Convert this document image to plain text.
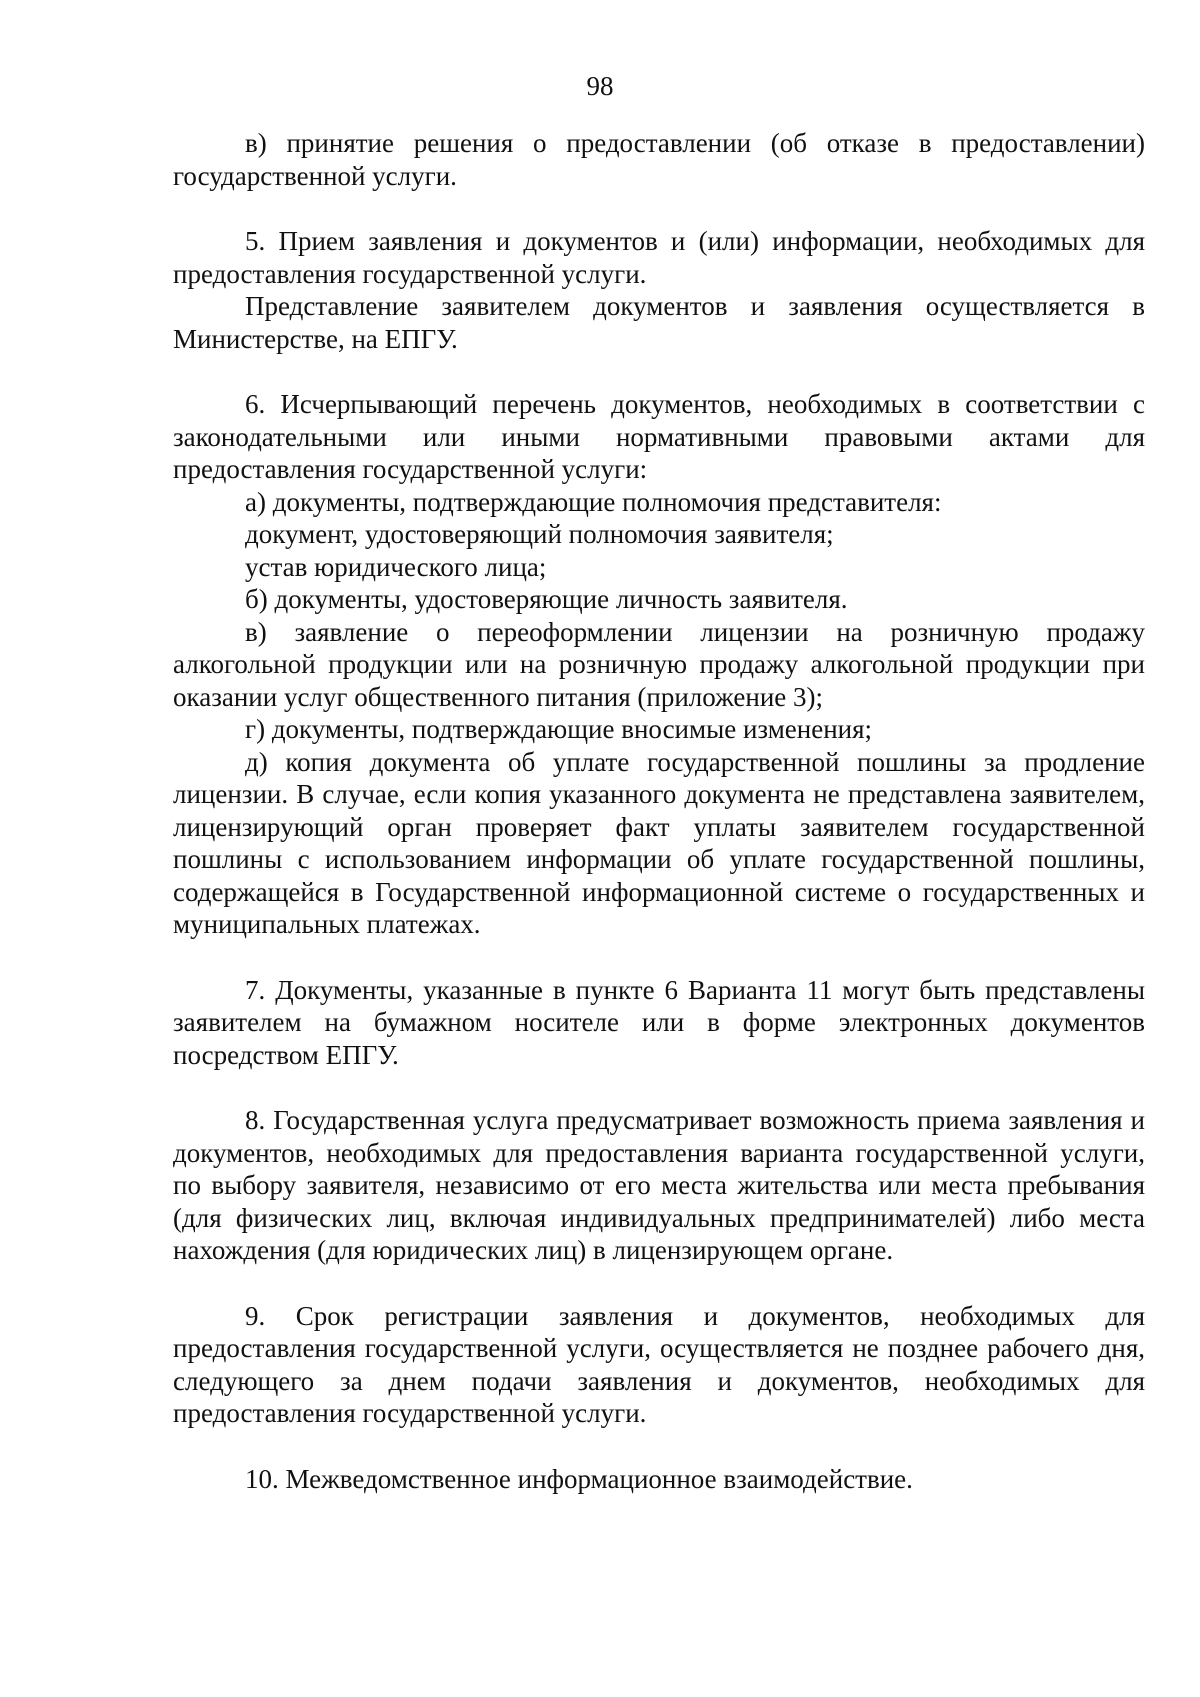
98

в) принятие решения о предоставлении (об отказе в предоставлении) государственной услуги.

5. Прием заявления и документов и (или) информации, необходимых для предоставления государственной услуги.

Представление заявителем документов и заявления осуществляется в Министерстве, на ЕПГУ.

6. Исчерпывающий перечень документов, необходимых в соответствии с законодательными или иными нормативными правовыми актами для предоставления государственной услуги:

а) документы, подтверждающие полномочия представителя:

документ, удостоверяющий полномочия заявителя;

устав юридического лица;

б) документы, удостоверяющие личность заявителя.

в) заявление о переоформлении лицензии на розничную продажу алкогольной продукции или на розничную продажу алкогольной продукции при оказании услуг общественного питания (приложение 3);

г) документы, подтверждающие вносимые изменения;

д) копия документа об уплате государственной пошлины за продление лицензии. В случае, если копия указанного документа не представлена заявителем, лицензирующий орган проверяет факт уплаты заявителем государственной пошлины с использованием информации об уплате государственной пошлины, содержащейся в Государственной информационной системе о государственных и муниципальных платежах.

7. Документы, указанные в пункте 6 Варианта 11 могут быть представлены заявителем на бумажном носителе или в форме электронных документов посредством ЕПГУ.

8. Государственная услуга предусматривает возможность приема заявления и документов, необходимых для предоставления варианта государственной услуги, по выбору заявителя, независимо от его места жительства или места пребывания (для физических лиц, включая индивидуальных предпринимателей) либо места нахождения (для юридических лиц) в лицензирующем органе.

9. Срок регистрации заявления и документов, необходимых для предоставления государственной услуги, осуществляется не позднее рабочего дня, следующего за днем подачи заявления и документов, необходимых для предоставления государственной услуги.

10. Межведомственное информационное взаимодействие.
